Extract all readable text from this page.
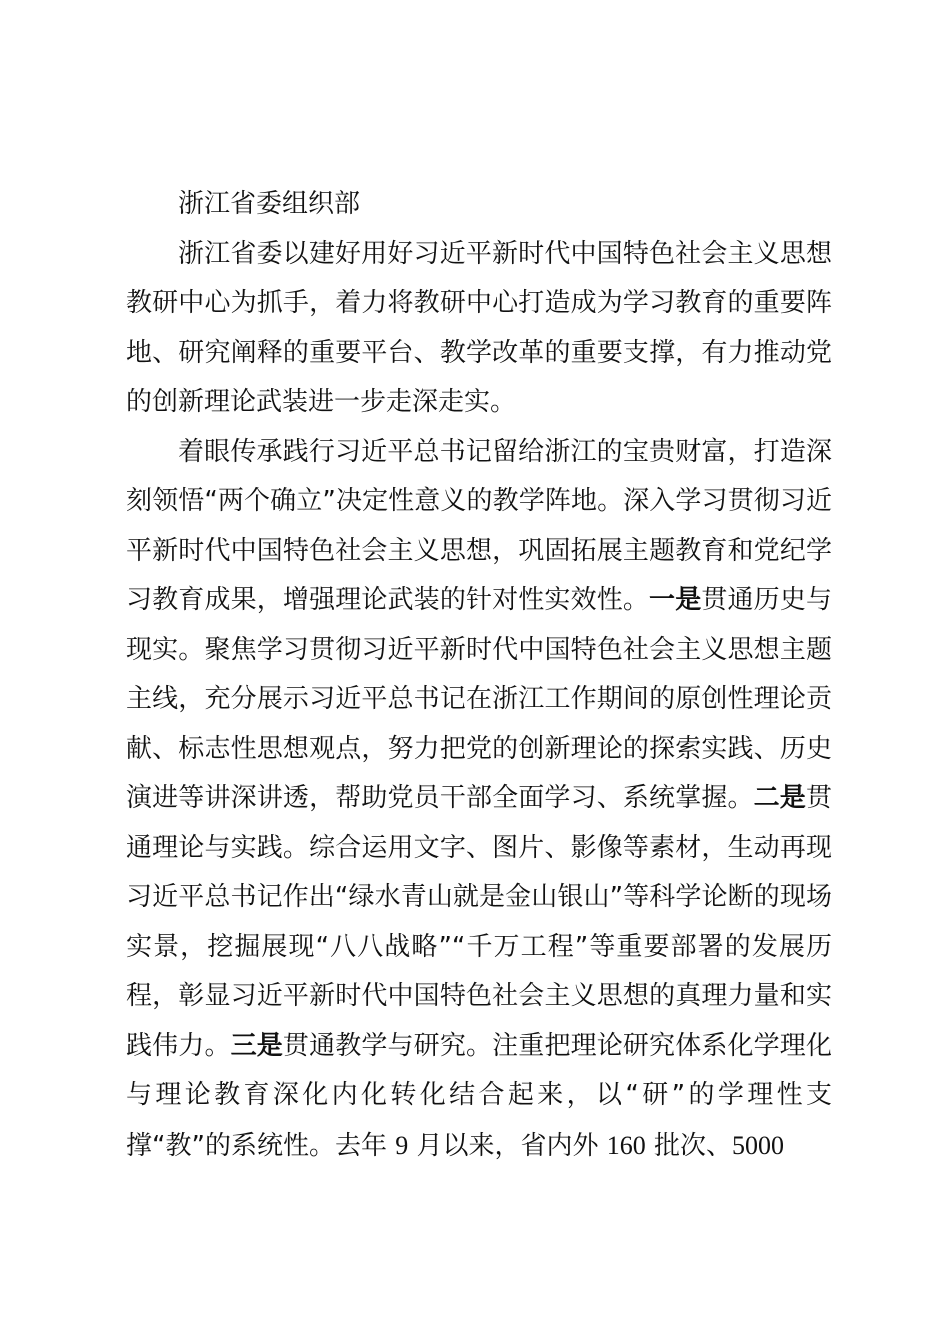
浙江省委组织部

浙江省委以建好用好习近平新时代中国特色社会主义思想教研中心为抓手，着力将教研中心打造成为学习教育的重要阵地、研究阐释的重要平台、教学改革的重要支撑，有力推动党的创新理论武装进一步走深走实。

着眼传承践行习近平总书记留给浙江的宝贵财富，打造深刻领悟“两个确立”决定性意义的教学阵地。深入学习贯彻习近平新时代中国特色社会主义思想，巩固拓展主题教育和党纪学习教育成果，增强理论武装的针对性实效性。一是贯通历史与现实。聚焦学习贯彻习近平新时代中国特色社会主义思想主题主线，充分展示习近平总书记在浙江工作期间的原创性理论贡献、标志性思想观点，努力把党的创新理论的探索实践、历史演进等讲深讲透，帮助党员干部全面学习、系统掌握。二是贯通理论与实践。综合运用文字、图片、影像等素材，生动再现习近平总书记作出“绿水青山就是金山银山”等科学论断的现场实景，挖掘展现“八八战略”“千万工程”等重要部署的发展历程，彰显习近平新时代中国特色社会主义思想的真理力量和实践伟力。三是贯通教学与研究。注重把理论研究体系化学理化与理论教育深化内化转化结合起来，以“研”的学理性支撑“教”的系统性。去年 9 月以来，省内外 160 批次、5000
